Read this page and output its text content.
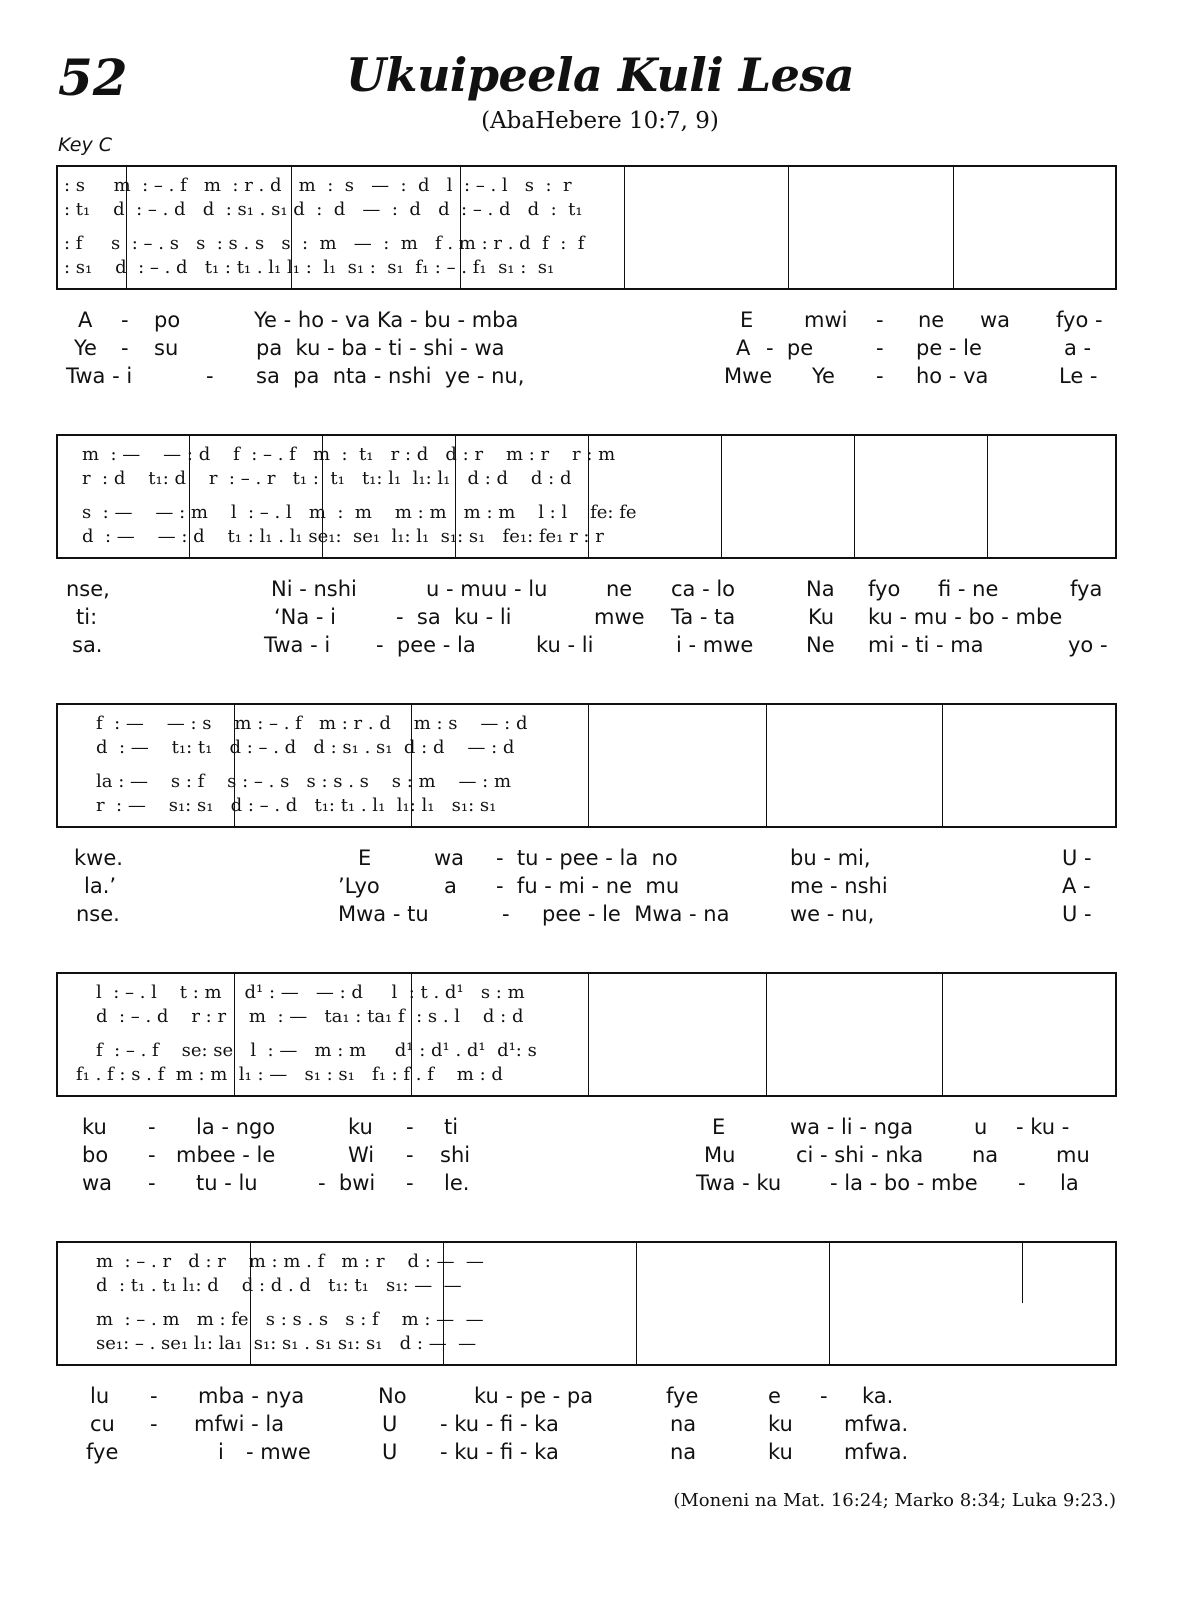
52	Ukuipeela Kuli Lesa
(AbaHebere 10:7, 9)
Key C
: s     m  : – . f   m  : r . d   m  :  s   —  :  d   l  : – . l   s  :  r
: t₁    d  : – . d   d  : s₁ . s₁ d  :  d   —  :  d   d  : – . d   d  :  t₁
: f     s  : – . s   s  : s . s   s  :  m   —  :  m   f . m : r . d  f  :  f
: s₁    d  : – . d   t₁ : t₁ . l₁ l₁ :  l₁  s₁ :  s₁  f₁ : – . f₁  s₁ :  s₁
A - po	Ye - ho - va Ka - bu - mba	E mwi - ne wa fyo -
Ye - su	pa  ku - ba - ti - shi - wa	A -  pe	- pe - le	a -
Twa - i	- sa  pa  nta - nshi  ye - nu,	Mwe Ye - ho - va	Le -
m  : —    — : d    f  : – . f   m  :  t₁   r : d   d : r    m : r    r : m
r  : d    t₁: d    r  : – . r   t₁ :  t₁   t₁: l₁  l₁: l₁   d : d    d : d
s  : —    — : m    l  : – . l   m  :  m    m : m   m : m    l : l    fe: fe
d  : —    — : d    t₁ : l₁ . l₁ se₁:  se₁  l₁: l₁  s₁: s₁   fe₁: fe₁ r : r
nse,	Ni - nshi	u - muu - lu	ne ca - lo	Na fyo fi - ne	fya
ti:	‘Na - i	-  sa  ku - li	mwe Ta - ta	Ku ku - mu - bo - mbe
sa.	Twa - i -  pee - la	ku - li	i - mwe	Ne mi - ti - ma	yo -
f  : —    — : s    m : – . f   m : r . d    m : s    — : d
d  : —    t₁: t₁   d : – . d   d : s₁ . s₁  d : d    — : d
la : —    s : f    s : – . s   s : s . s    s : m    — : m
r  : —    s₁: s₁   d : – . d   t₁: t₁ . l₁  l₁: l₁   s₁: s₁
kwe.	E	wa -  tu - pee - la  no	bu - mi,	U -
la.’	’Lyo	a -  fu - mi - ne  mu	me - nshi	A -
nse.	Mwa - tu	- pee - le  Mwa - na	we - nu,	U -
l  : – . l    t : m    d¹ : —   — : d     l  : t . d¹   s : m
d  : – . d    r : r    m  : —   ta₁ : ta₁ f  : s . l    d : d
f  : – . f    se: se   l  : —   m : m     d¹ : d¹ . d¹  d¹: s
f₁ . f : s . f  m : m  l₁ : —   s₁ : s₁   f₁ : f . f    m : d
ku - la - ngo	ku - ti	E	wa - li - nga	u - ku -
bo - mbee - le	Wi - shi	Mu	ci - shi - nka na	mu
wa - tu - lu	-  bwi - le.	Twa - ku - la - bo - mbe - la
m  : – . r   d : r    m : m . f   m : r    d : —  —
d  : t₁ . t₁ l₁: d    d : d . d   t₁: t₁   s₁: —  —
m  : – . m   m : fe   s : s . s   s : f    m : —  —
se₁: – . se₁ l₁: la₁  s₁: s₁ . s₁ s₁: s₁   d : —  —
lu - mba - nya	No	ku - pe - pa	fye	e - ka.
cu - mfwi - la	U - ku - fi - ka	na	ku mfwa.
fye	i - mwe	U - ku - fi - ka	na	ku mfwa.
(Moneni na Mat. 16:24; Marko 8:34; Luka 9:23.)
